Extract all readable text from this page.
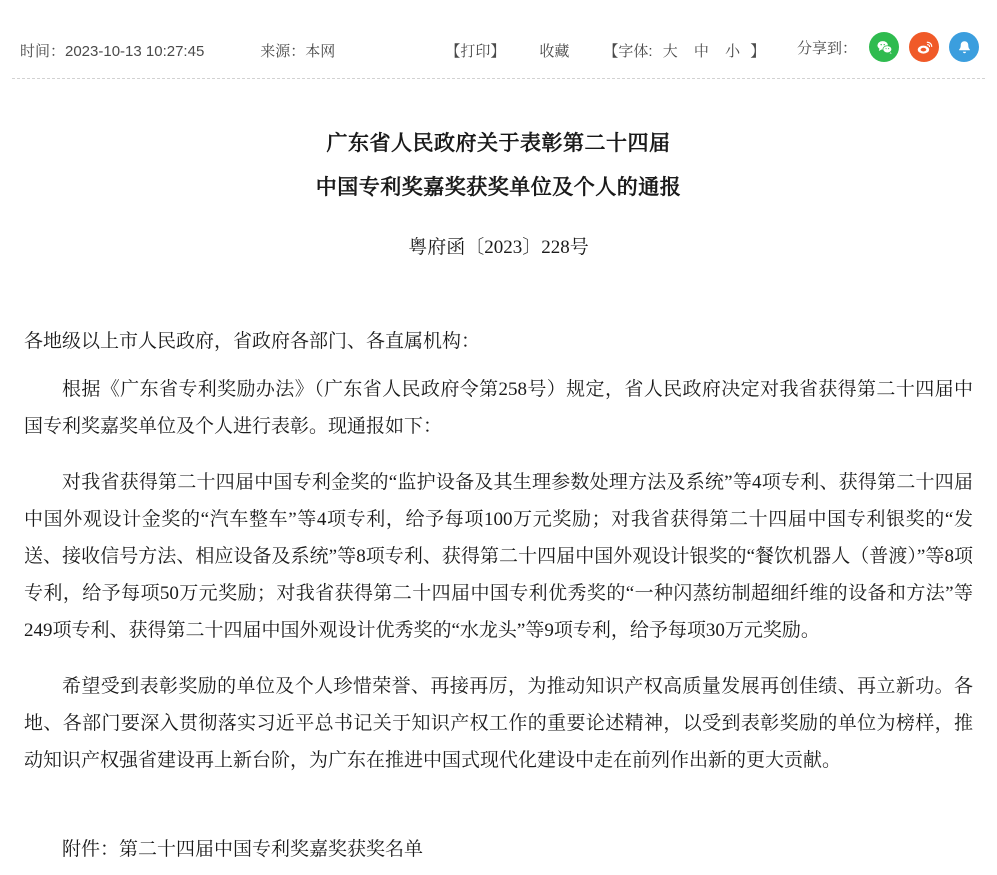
时间：2023-10-13 10:27:45	来源：本网	【打印】 收藏 【字体: 大 中 小 】 分享到：
广东省人民政府关于表彰第二十四届
中国专利奖嘉奖获奖单位及个人的通报
粤府函〔2023〕228号
各地级以上市人民政府，省政府各部门、各直属机构：

根据《广东省专利奖励办法》（广东省人民政府令第258号）规定，省人民政府决定对我省获得第二十四届中国专利奖嘉奖单位及个人进行表彰。现通报如下：

对我省获得第二十四届中国专利金奖的“监护设备及其生理参数处理方法及系统”等4项专利、获得第二十四届中国外观设计金奖的“汽车整车”等4项专利，给予每项100万元奖励；对我省获得第二十四届中国专利银奖的“发送、接收信号方法、相应设备及系统”等8项专利、获得第二十四届中国外观设计银奖的“餐饮机器人（普渡）”等8项专利，给予每项50万元奖励；对我省获得第二十四届中国专利优秀奖的“一种闪蒸纺制超细纤维的设备和方法”等249项专利、获得第二十四届中国外观设计优秀奖的“水龙头”等9项专利，给予每项30万元奖励。

希望受到表彰奖励的单位及个人珍惜荣誉、再接再厉，为推动知识产权高质量发展再创佳绩、再立新功。各地、各部门要深入贯彻落实习近平总书记关于知识产权工作的重要论述精神，以受到表彰奖励的单位为榜样，推动知识产权强省建设再上新台阶，为广东在推进中国式现代化建设中走在前列作出新的更大贡献。

附件：第二十四届中国专利奖嘉奖获奖名单
